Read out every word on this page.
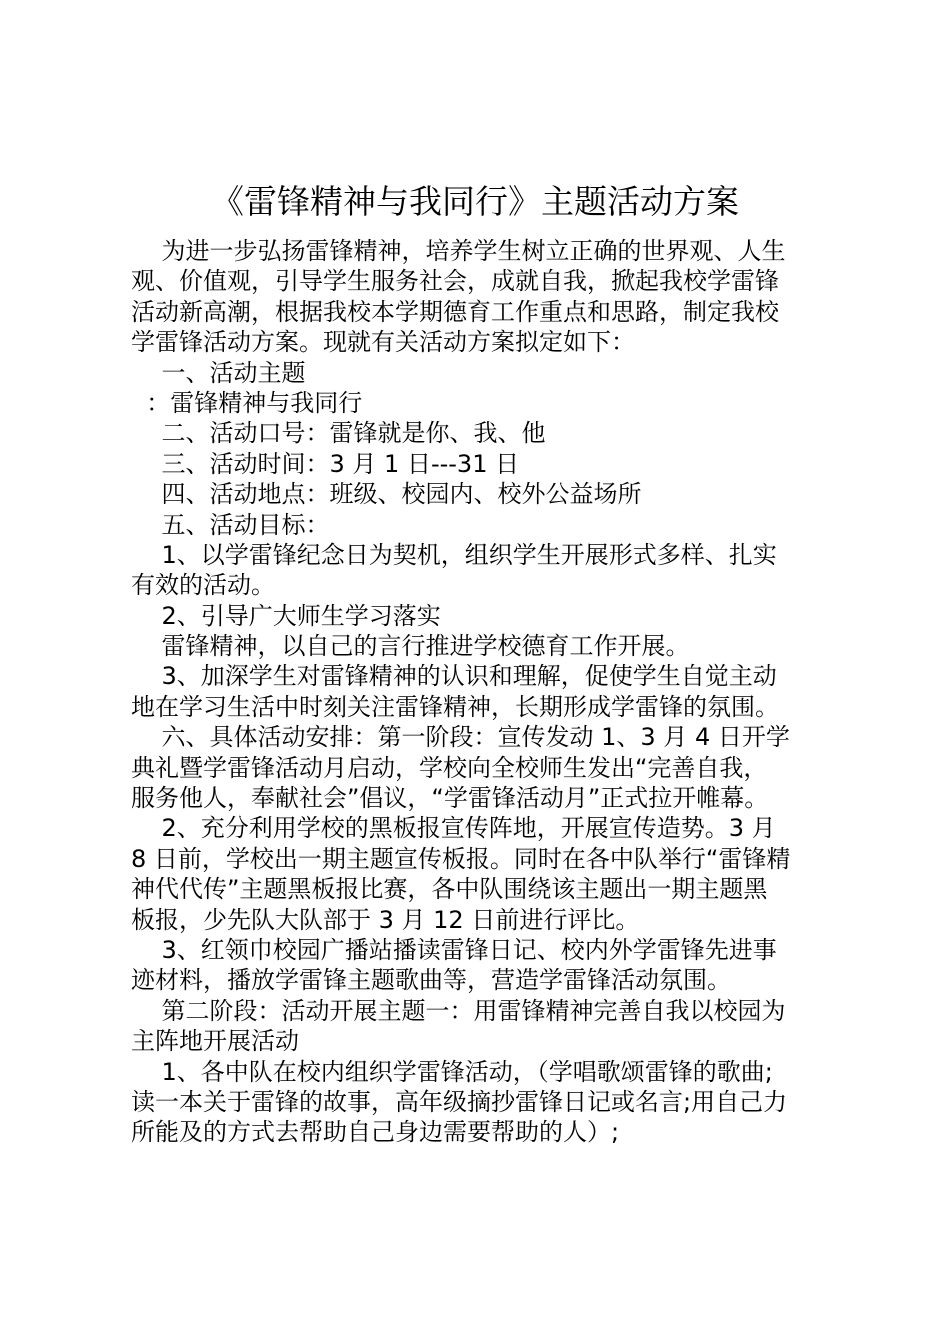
《雷锋精神与我同行》主题活动方案
为进一步弘扬雷锋精神，培养学生树立正确的世界观、人生
观、价值观，引导学生服务社会，成就自我，掀起我校学雷锋
活动新高潮，根据我校本学期德育工作重点和思路，制定我校
学雷锋活动方案。现就有关活动方案拟定如下：
一、活动主题
：雷锋精神与我同行
二、活动口号：雷锋就是你、我、他
三、活动时间：3 月 1 日---31 日
四、活动地点：班级、校园内、校外公益场所
五、活动目标：
1、以学雷锋纪念日为契机，组织学生开展形式多样、扎实
有效的活动。
2、引导广大师生学习落实
雷锋精神，以自己的言行推进学校德育工作开展。
3、加深学生对雷锋精神的认识和理解，促使学生自觉主动
地在学习生活中时刻关注雷锋精神，长期形成学雷锋的氛围。
六、具体活动安排：第一阶段：宣传发动 1、3 月 4 日开学
典礼暨学雷锋活动月启动，学校向全校师生发出“完善自我，
服务他人，奉献社会”倡议，“学雷锋活动月”正式拉开帷幕。
2、充分利用学校的黑板报宣传阵地，开展宣传造势。3 月
8 日前，学校出一期主题宣传板报。同时在各中队举行“雷锋精
神代代传”主题黑板报比赛，各中队围绕该主题出一期主题黑
板报，少先队大队部于 3 月 12 日前进行评比。
3、红领巾校园广播站播读雷锋日记、校内外学雷锋先进事
迹材料，播放学雷锋主题歌曲等，营造学雷锋活动氛围。
第二阶段：活动开展主题一：用雷锋精神完善自我以校园为
主阵地开展活动
1、各中队在校内组织学雷锋活动，（学唱歌颂雷锋的歌曲;
读一本关于雷锋的故事，高年级摘抄雷锋日记或名言;用自己力
所能及的方式去帮助自己身边需要帮助的人）;
